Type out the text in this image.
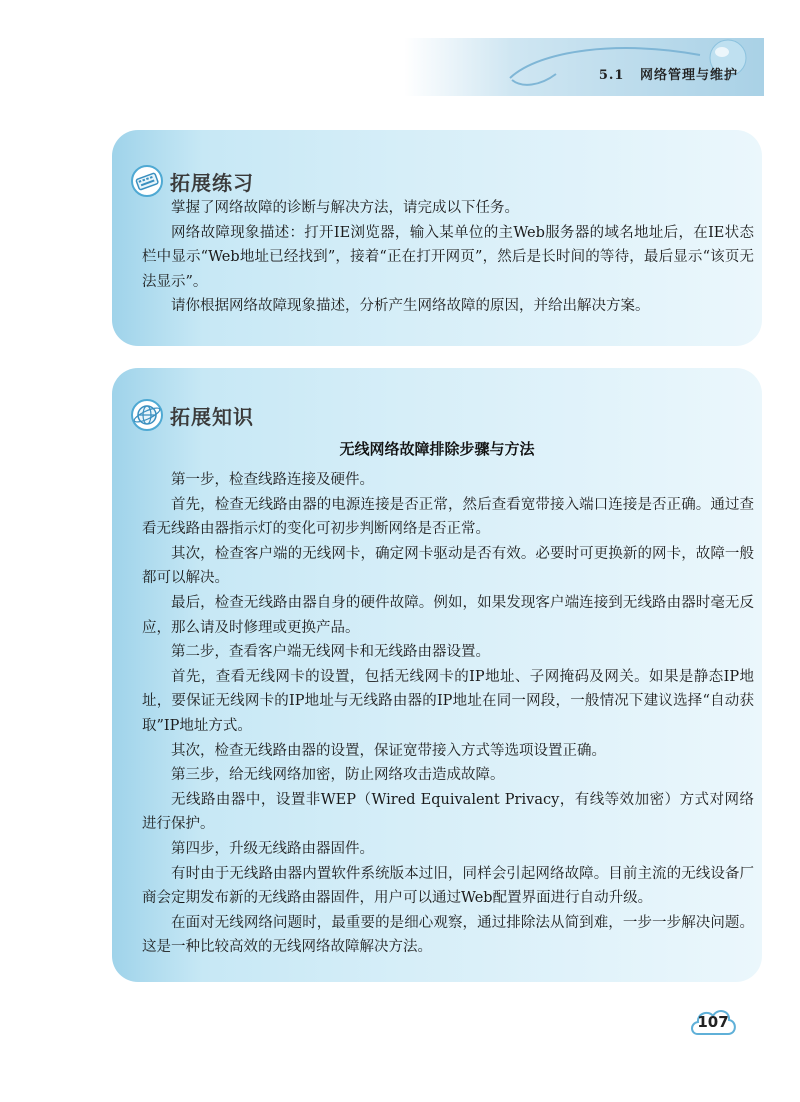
5.1 网络管理与维护
拓展练习

掌握了网络故障的诊断与解决方法，请完成以下任务。

网络故障现象描述：打开IE浏览器，输入某单位的主Web服务器的域名地址后，在IE状态栏中显示“Web地址已经找到”，接着“正在打开网页”，然后是长时间的等待，最后显示“该页无法显示”。

请你根据网络故障现象描述，分析产生网络故障的原因，并给出解决方案。

拓展知识
无线网络故障排除步骤与方法

第一步，检查线路连接及硬件。

首先，检查无线路由器的电源连接是否正常，然后查看宽带接入端口连接是否正确。通过查看无线路由器指示灯的变化可初步判断网络是否正常。

其次，检查客户端的无线网卡，确定网卡驱动是否有效。必要时可更换新的网卡，故障一般都可以解决。

最后，检查无线路由器自身的硬件故障。例如，如果发现客户端连接到无线路由器时毫无反应，那么请及时修理或更换产品。

第二步，查看客户端无线网卡和无线路由器设置。

首先，查看无线网卡的设置，包括无线网卡的IP地址、子网掩码及网关。如果是静态IP地址，要保证无线网卡的IP地址与无线路由器的IP地址在同一网段，一般情况下建议选择“自动获取”IP地址方式。

其次，检查无线路由器的设置，保证宽带接入方式等选项设置正确。

第三步，给无线网络加密，防止网络攻击造成故障。

无线路由器中，设置非WEP（Wired Equivalent Privacy，有线等效加密）方式对网络进行保护。

第四步，升级无线路由器固件。

有时由于无线路由器内置软件系统版本过旧，同样会引起网络故障。目前主流的无线设备厂商会定期发布新的无线路由器固件，用户可以通过Web配置界面进行自动升级。

在面对无线网络问题时，最重要的是细心观察，通过排除法从简到难，一步一步解决问题。这是一种比较高效的无线网络故障解决方法。

107
